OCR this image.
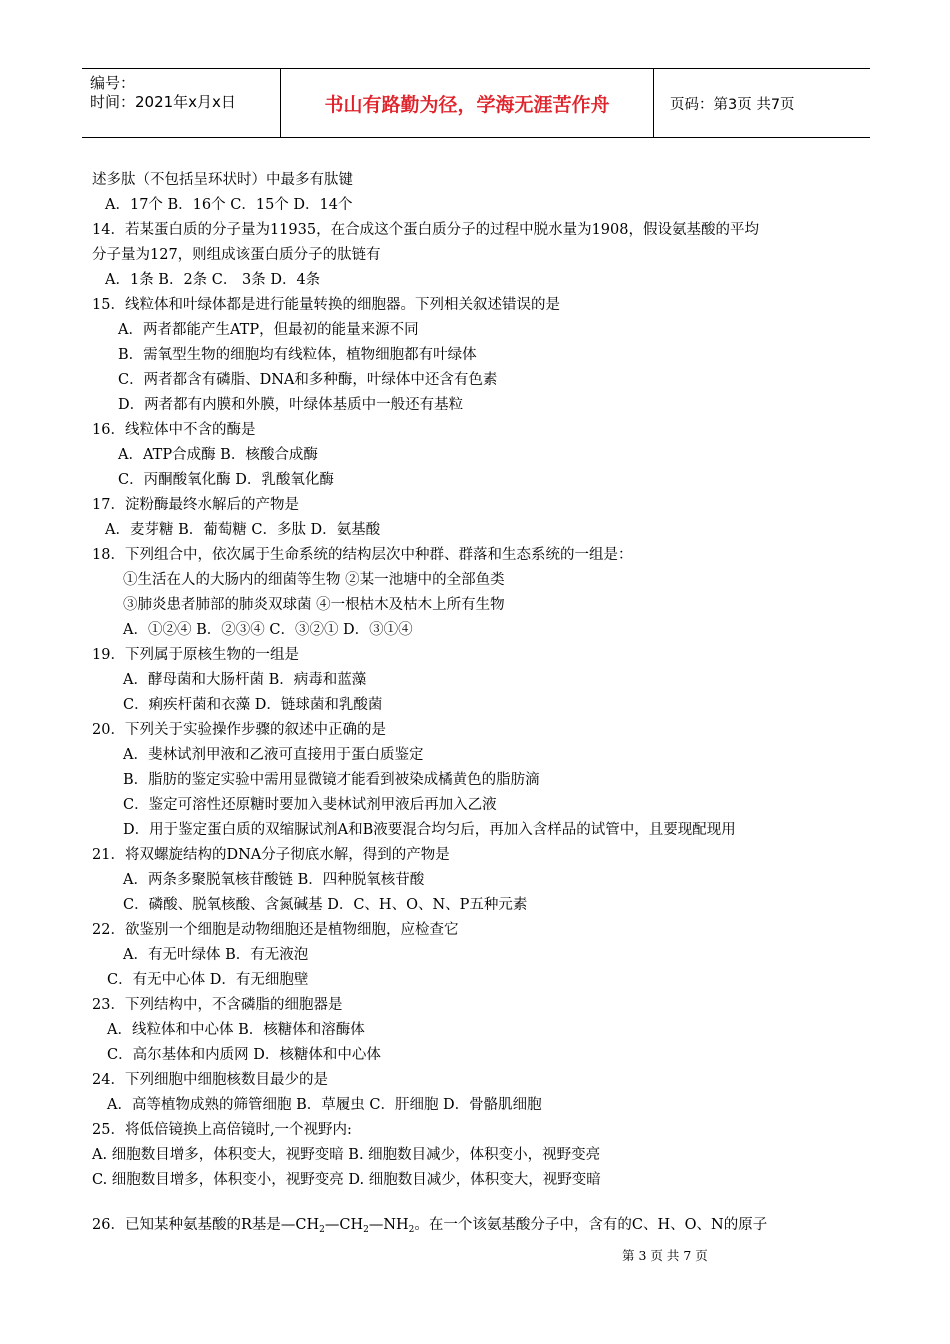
编号：
时间：2021年x月x日	书山有路勤为径，学海无涯苦作舟	页码：第3页 共7页
述多肽（不包括呈环状时）中最多有肽键
A．17个 B．16个 C．15个 D．14个
14．若某蛋白质的分子量为11935，在合成这个蛋白质分子的过程中脱水量为1908，假设氨基酸的平均
分子量为127，则组成该蛋白质分子的肽链有
A．1条 B．2条 C． 3条 D．4条
15．线粒体和叶绿体都是进行能量转换的细胞器。下列相关叙述错误的是
A．两者都能产生ATP，但最初的能量来源不同
B．需氧型生物的细胞均有线粒体，植物细胞都有叶绿体
C．两者都含有磷脂、DNA和多种酶，叶绿体中还含有色素
D．两者都有内膜和外膜，叶绿体基质中一般还有基粒
16．线粒体中不含的酶是
A．ATP合成酶 B．核酸合成酶
C．丙酮酸氧化酶 D．乳酸氧化酶
17．淀粉酶最终水解后的产物是
A．麦芽糖 B．葡萄糖 C．多肽 D．氨基酸
18．下列组合中，依次属于生命系统的结构层次中种群、群落和生态系统的一组是：
①生活在人的大肠内的细菌等生物 ②某一池塘中的全部鱼类
③肺炎患者肺部的肺炎双球菌 ④一根枯木及枯木上所有生物
A．①②④ B．②③④ C．③②① D．③①④
19．下列属于原核生物的一组是
A．酵母菌和大肠杆菌 B．病毒和蓝藻
C．痢疾杆菌和衣藻 D．链球菌和乳酸菌
20．下列关于实验操作步骤的叙述中正确的是
A．斐林试剂甲液和乙液可直接用于蛋白质鉴定
B．脂肪的鉴定实验中需用显微镜才能看到被染成橘黄色的脂肪滴
C．鉴定可溶性还原糖时要加入斐林试剂甲液后再加入乙液
D．用于鉴定蛋白质的双缩脲试剂A和B液要混合均匀后，再加入含样品的试管中，且要现配现用
21．将双螺旋结构的DNA分子彻底水解，得到的产物是
A．两条多聚脱氧核苷酸链 B．四种脱氧核苷酸
C．磷酸、脱氧核酸、含氮碱基 D．C、H、O、N、P五种元素
22．欲鉴别一个细胞是动物细胞还是植物细胞，应检查它
A．有无叶绿体 B．有无液泡
C．有无中心体 D．有无细胞壁
23．下列结构中，不含磷脂的细胞器是
A．线粒体和中心体 B．核糖体和溶酶体
C．高尔基体和内质网 D．核糖体和中心体
24．下列细胞中细胞核数目最少的是
A．高等植物成熟的筛管细胞 B．草履虫 C．肝细胞 D．骨骼肌细胞
25．将低倍镜换上高倍镜时,一个视野内:
A. 细胞数目增多，体积变大，视野变暗 B. 细胞数目减少，体积变小，视野变亮
C. 细胞数目增多，体积变小，视野变亮 D. 细胞数目减少，体积变大，视野变暗
26．已知某种氨基酸的R基是$—CH_2—CH_2—NH_2$。在一个该氨基酸分子中，含有的C、H、O、N的原子
第 3 页 共 7 页
